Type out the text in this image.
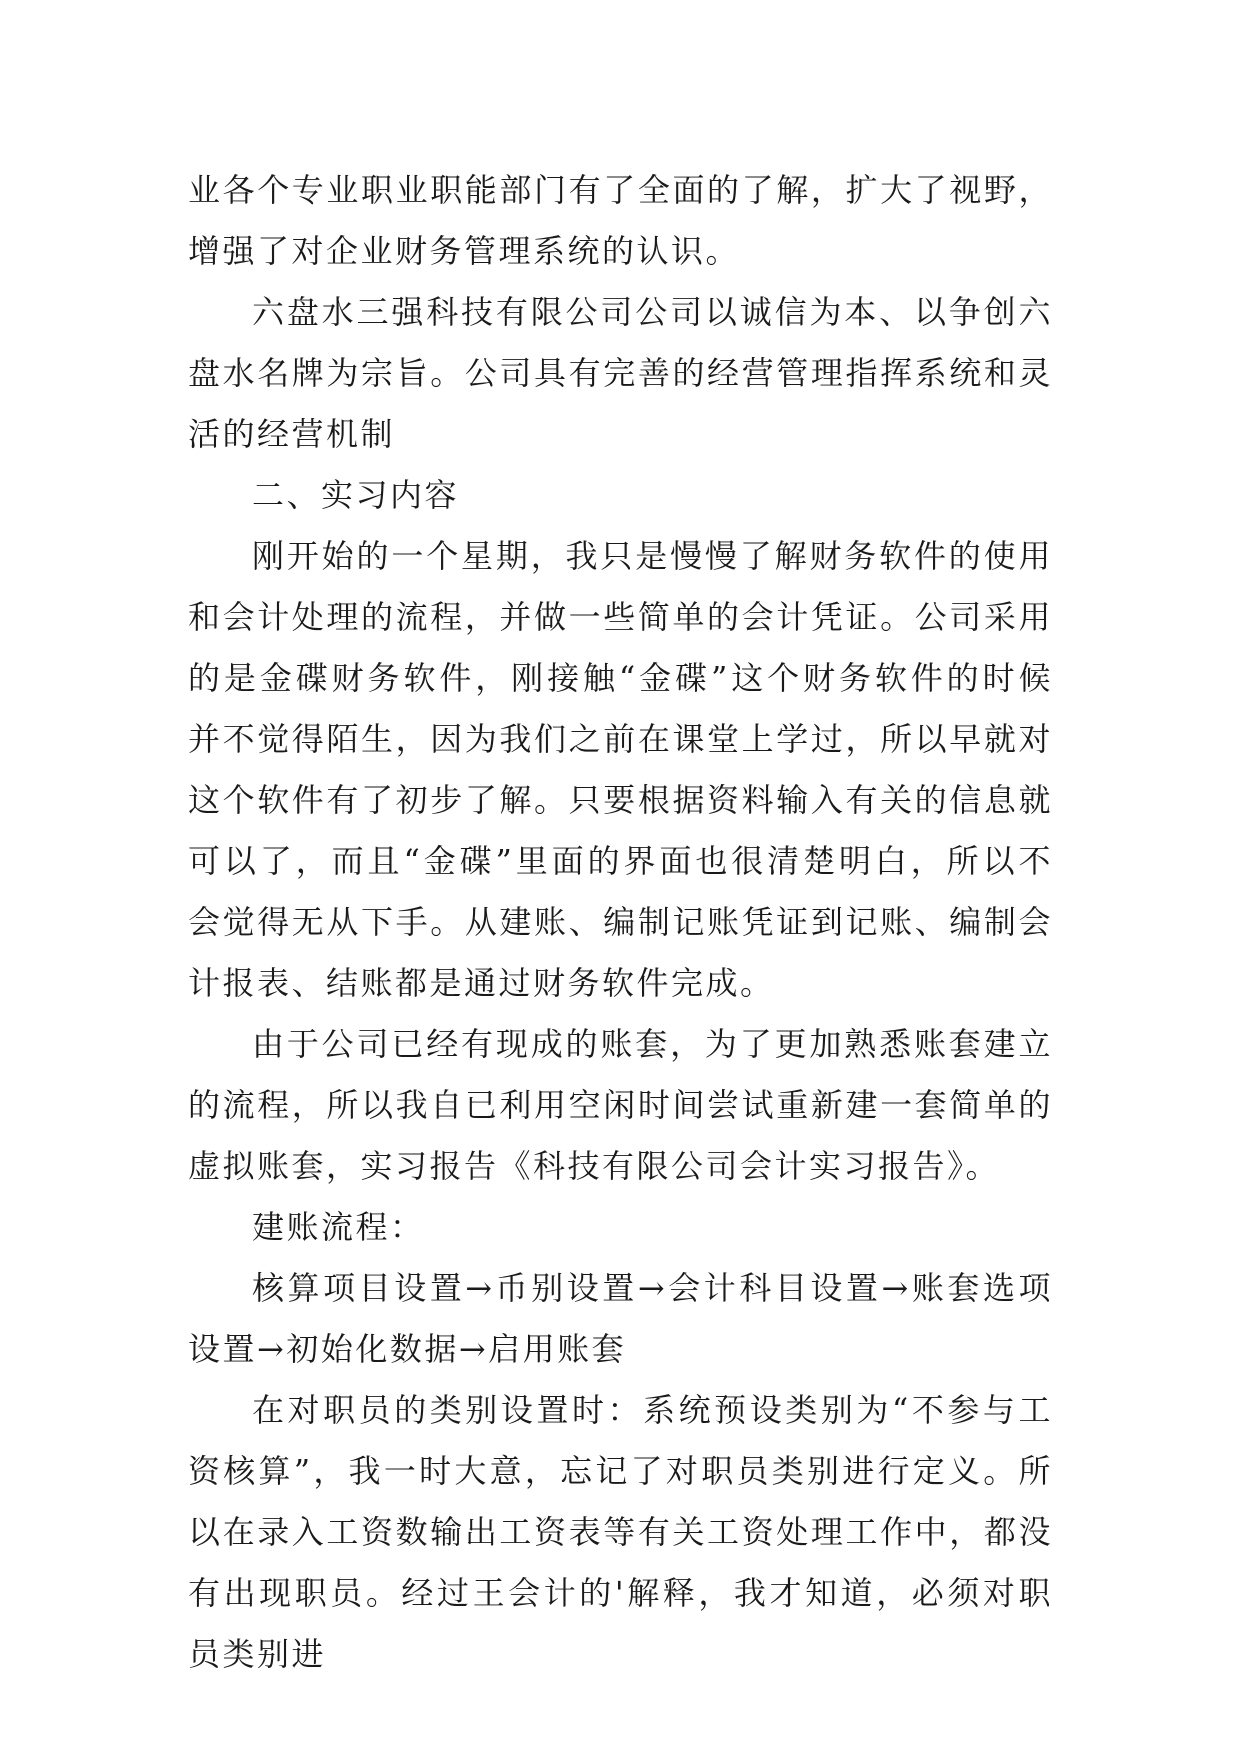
业各个专业职业职能部门有了全面的了解，扩大了视野，增强了对企业财务管理系统的认识。

六盘水三强科技有限公司公司以诚信为本、以争创六盘水名牌为宗旨。公司具有完善的经营管理指挥系统和灵活的经营机制

二、实习内容

刚开始的一个星期，我只是慢慢了解财务软件的使用和会计处理的流程，并做一些简单的会计凭证。公司采用的是金碟财务软件，刚接触“金碟”这个财务软件的时候并不觉得陌生，因为我们之前在课堂上学过，所以早就对这个软件有了初步了解。只要根据资料输入有关的信息就可以了，而且“金碟”里面的界面也很清楚明白，所以不会觉得无从下手。从建账、编制记账凭证到记账、编制会计报表、结账都是通过财务软件完成。

由于公司已经有现成的账套，为了更加熟悉账套建立的流程，所以我自已利用空闲时间尝试重新建一套简单的虚拟账套，实习报告《科技有限公司会计实习报告》。

建账流程：

核算项目设置→币别设置→会计科目设置→账套选项设置→初始化数据→启用账套

在对职员的类别设置时：系统预设类别为“不参与工资核算”，我一时大意，忘记了对职员类别进行定义。所以在录入工资数输出工资表等有关工资处理工作中，都没有出现职员。经过王会计的'解释，我才知道，必须对职员类别进
